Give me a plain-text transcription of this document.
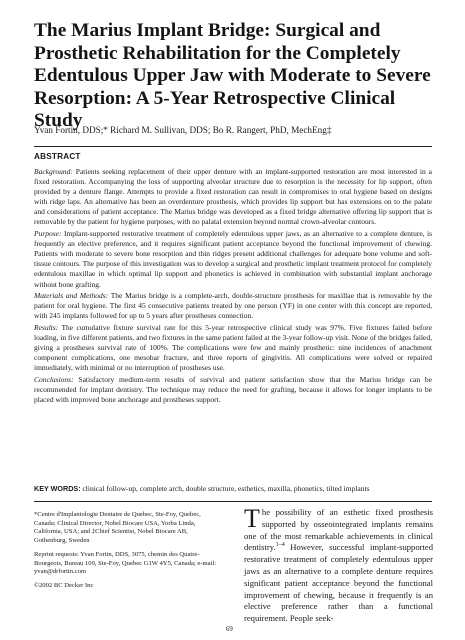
The Marius Implant Bridge: Surgical and Prosthetic Rehabilitation for the Completely Edentulous Upper Jaw with Moderate to Severe Resorption: A 5-Year Retrospective Clinical Study

Yvan Fortin, DDS;* Richard M. Sullivan, DDS; Bo R. Rangert, PhD, MechEng‡

ABSTRACT

Background: Patients seeking replacement of their upper denture with an implant-supported restoration are most interested in a fixed restoration. Accompanying the loss of supporting alveolar structure due to resorption is the necessity for lip support, often provided by a denture flange. Attempts to provide a fixed restoration can result in compromises to oral hygiene based on designs with ridge laps. An alternative has been an overdenture prosthesis, which provides lip support but has extensions on to the palate and considerations of patient acceptance. The Marius bridge was developed as a fixed bridge alternative offering lip support that is removable by the patient for hygiene purposes, with no palatal extension beyond normal crown-alveolar contours.

Purpose: Implant-supported restorative treatment of completely edentulous upper jaws, as an alternative to a complete denture, is frequently an elective preference, and it requires significant patient acceptance beyond the functional improvement of chewing. Patients with moderate to severe bone resorption and thin ridges present additional challenges for adequate bone volume and soft-tissue contours. The purpose of this investigation was to develop a surgical and prosthetic implant treatment protocol for completely edentulous maxillae in which optimal lip support and phonetics is achieved in combination with substantial implant anchorage without bone grafting.

Materials and Methods: The Marius bridge is a complete-arch, double-structure prosthesis for maxillae that is removable by the patient for oral hygiene. The first 45 consecutive patients treated by one person (YF) in one center with this concept are reported, with 245 implants followed for up to 5 years after prostheses connection.

Results: The cumulative fixture survival rate for this 5-year retrospective clinical study was 97%. Five fixtures failed before loading, in five different patients, and two fixtures in the same patient failed at the 3-year follow-up visit. None of the bridges failed, giving a prostheses survival rate of 100%. The complications were few and mainly prosthetic: nine incidences of attachment component complications, one mesobar fracture, and three reports of gingivitis. All complications were solved or repaired immediately, with minimal or no interruption of prostheses use.

Conclusions: Satisfactory medium-term results of survival and patient satisfaction show that the Marius bridge can be recommended for implant dentistry. The technique may reduce the need for grafting, because it allows for longer implants to be placed with improved bone anchorage and prostheses support.

KEY WORDS: clinical follow-up, complete arch, double structure, esthetics, maxilla, phonetics, tilted implants

*Centre d'Implantologie Dentaire de Quebec, Ste-Foy, Quebec, Canada; Clinical Director, Nobel Biocare USA, Yorba Linda, California, USA; and ‡Chief Scientist, Nobel Biocare AB, Gothenburg, Sweden

Reprint requests: Yvan Fortin, DDS, 3075, chemin des Quatre-Bourgeois, Bureau 109, Ste-Foy, Quebec G1W 4Y5, Canada; e-mail: yvan@drfortin.com

©2002 BC Decker Inc

The possibility of an esthetic fixed prosthesis supported by osseointegrated implants remains one of the most remarkable achievements in clinical dentistry.$^{1-4}$ However, successful implant-supported restorative treatment of completely edentulous upper jaws as an alternative to a complete denture requires significant patient acceptance beyond the functional improvement of chewing, because it frequently is an elective preference rather than a functional requirement. People seek-

69
